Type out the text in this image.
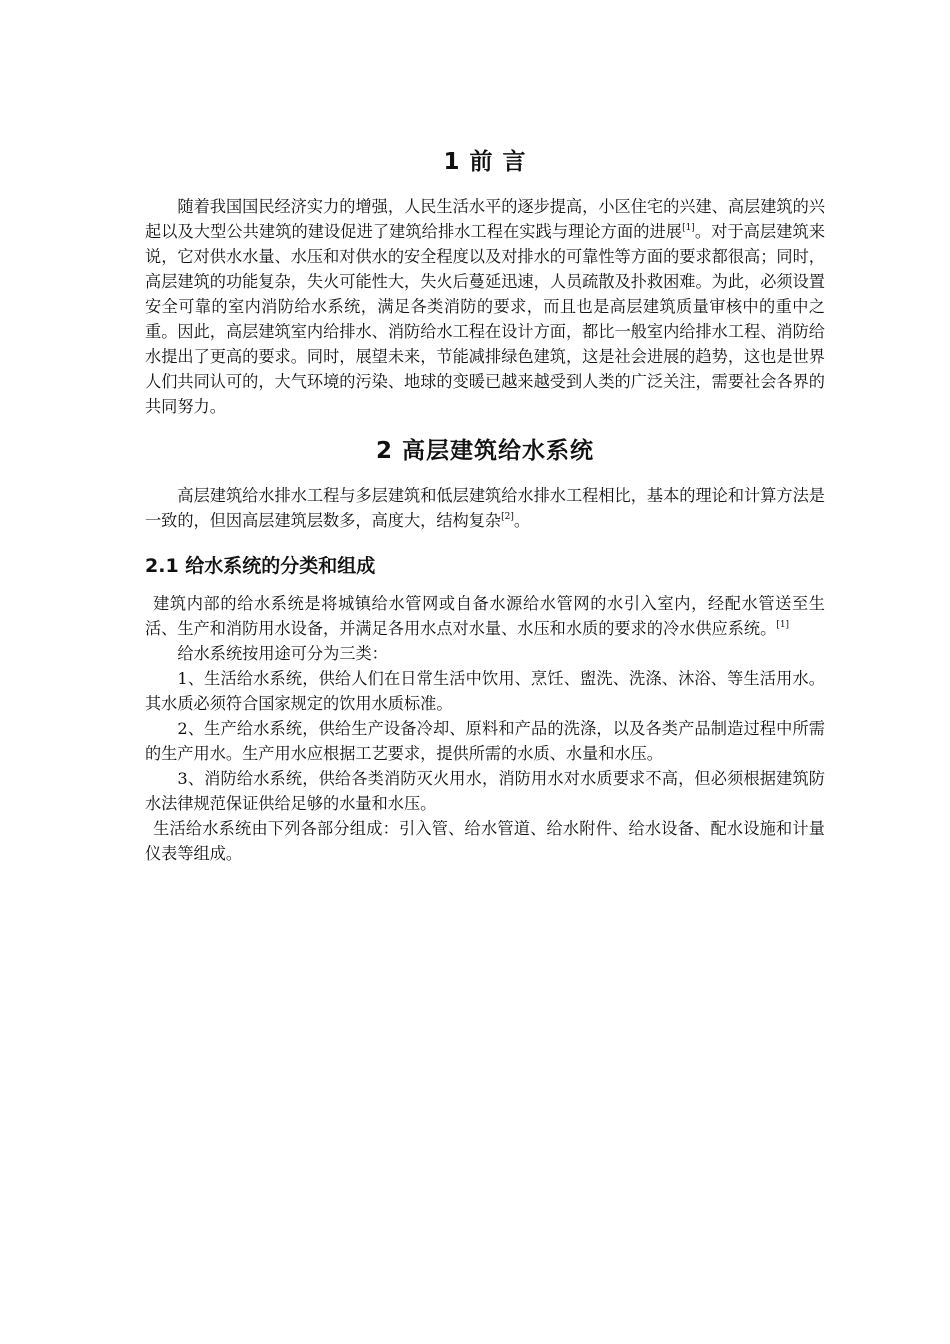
1 前 言

随着我国国民经济实力的增强，人民生活水平的逐步提高，小区住宅的兴建、高层建筑的兴起以及大型公共建筑的建设促进了建筑给排水工程在实践与理论方面的进展[1]。对于高层建筑来说，它对供水水量、水压和对供水的安全程度以及对排水的可靠性等方面的要求都很高；同时，高层建筑的功能复杂，失火可能性大，失火后蔓延迅速，人员疏散及扑救困难。为此，必须设置安全可靠的室内消防给水系统，满足各类消防的要求，而且也是高层建筑质量审核中的重中之重。因此，高层建筑室内给排水、消防给水工程在设计方面，都比一般室内给排水工程、消防给水提出了更高的要求。同时，展望未来，节能减排绿色建筑，这是社会进展的趋势，这也是世界人们共同认可的，大气环境的污染、地球的变暖已越来越受到人类的广泛关注，需要社会各界的共同努力。

2 高层建筑给水系统

高层建筑给水排水工程与多层建筑和低层建筑给水排水工程相比，基本的理论和计算方法是一致的，但因高层建筑层数多，高度大，结构复杂[2]。

2.1 给水系统的分类和组成

建筑内部的给水系统是将城镇给水管网或自备水源给水管网的水引入室内，经配水管送至生活、生产和消防用水设备，并满足各用水点对水量、水压和水质的要求的冷水供应系统。[1]

给水系统按用途可分为三类：

1、生活给水系统，供给人们在日常生活中饮用、烹饪、盥洗、洗涤、沐浴、等生活用水。其水质必须符合国家规定的饮用水质标准。

2、生产给水系统，供给生产设备冷却、原料和产品的洗涤，以及各类产品制造过程中所需的生产用水。生产用水应根据工艺要求，提供所需的水质、水量和水压。

3、消防给水系统，供给各类消防灭火用水，消防用水对水质要求不高，但必须根据建筑防水法律规范保证供给足够的水量和水压。

生活给水系统由下列各部分组成：引入管、给水管道、给水附件、给水设备、配水设施和计量仪表等组成。
